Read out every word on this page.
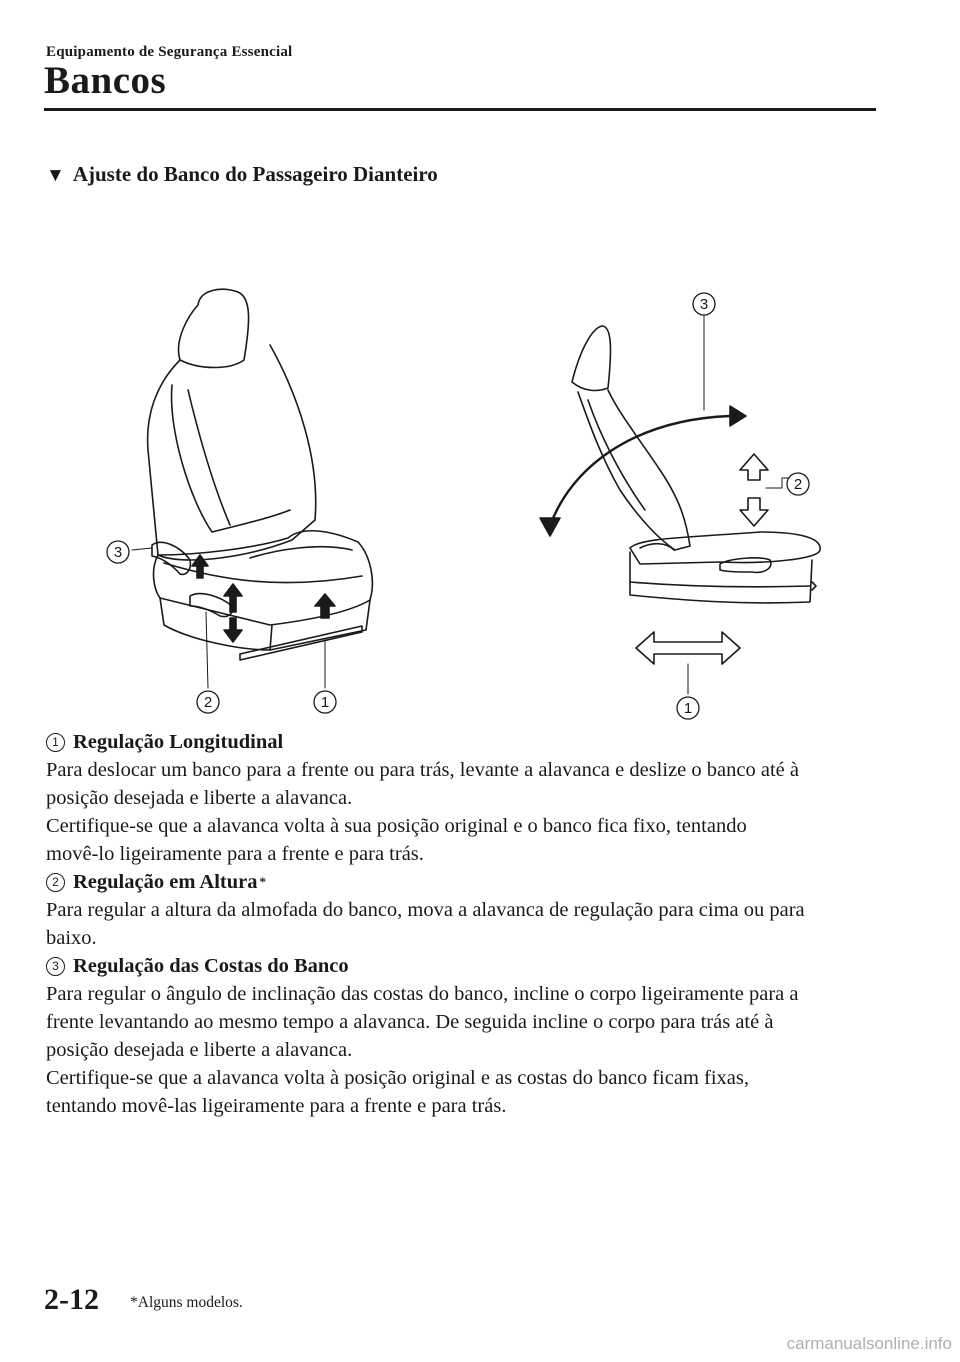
Equipamento de Segurança Essencial
Bancos
▼ Ajuste do Banco do Passageiro Dianteiro
3
2	1
3
2
1
1 Regulação Longitudinal

Para deslocar um banco para a frente ou para trás, levante a alavanca e deslize o banco até à

posição desejada e liberte a alavanca.

Certifique-se que a alavanca volta à sua posição original e o banco fica fixo, tentando

movê-lo ligeiramente para a frente e para trás.

2 Regulação em Altura *

Para regular a altura da almofada do banco, mova a alavanca de regulação para cima ou para

baixo.

3 Regulação das Costas do Banco

Para regular o ângulo de inclinação das costas do banco, incline o corpo ligeiramente para a

frente levantando ao mesmo tempo a alavanca. De seguida incline o corpo para trás até à

posição desejada e liberte a alavanca.

Certifique-se que a alavanca volta à posição original e as costas do banco ficam fixas,

tentando movê-las ligeiramente para a frente e para trás.

2-12 *Alguns modelos.
carmanualsonline.info
